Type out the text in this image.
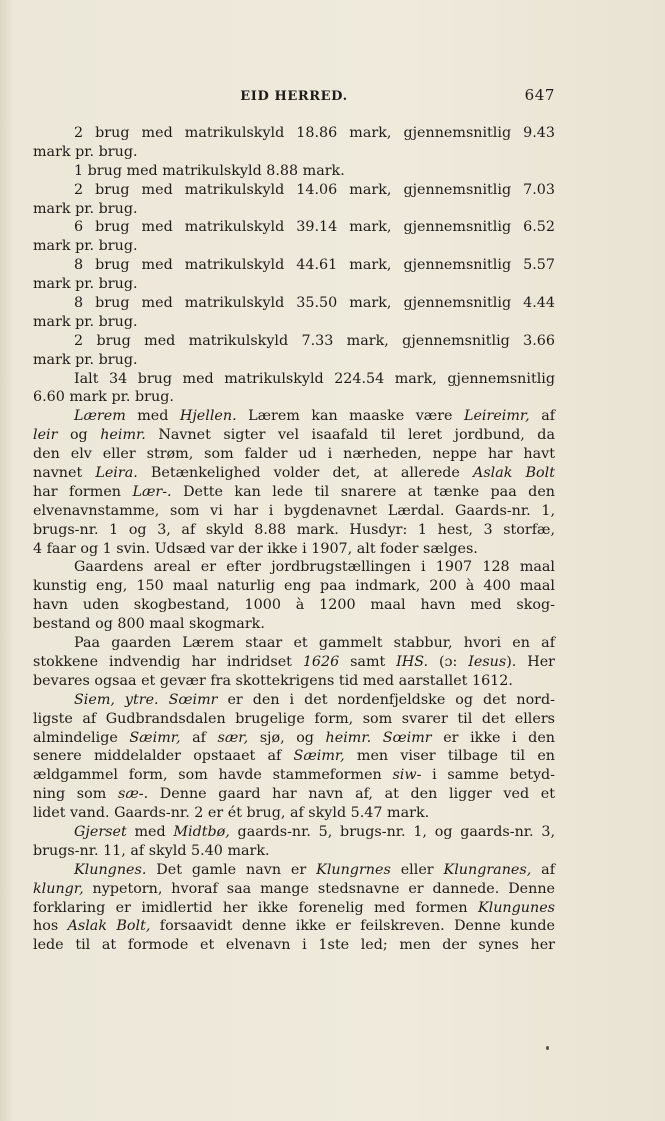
EID HERRED.	647
2 brug med matrikulskyld 18.86 mark, gjennemsnitlig 9.43
mark pr. brug.
1 brug med matrikulskyld 8.88 mark.
2 brug med matrikulskyld 14.06 mark, gjennemsnitlig 7.03
mark pr. brug.
6 brug med matrikulskyld 39.14 mark, gjennemsnitlig 6.52
mark pr. brug.
8 brug med matrikulskyld 44.61 mark, gjennemsnitlig 5.57
mark pr. brug.
8 brug med matrikulskyld 35.50 mark, gjennemsnitlig 4.44
mark pr. brug.
2 brug med matrikulskyld 7.33 mark, gjennemsnitlig 3.66
mark pr. brug.
Ialt 34 brug med matrikulskyld 224.54 mark, gjennemsnitlig
6.60 mark pr. brug.
Lærem med Hjellen. Lærem kan maaske være Leireimr, af
leir og heimr. Navnet sigter vel isaafald til leret jordbund, da
den elv eller strøm, som falder ud i nærheden, neppe har havt
navnet Leira. Betænkelighed volder det, at allerede Aslak Bolt
har formen Lær-. Dette kan lede til snarere at tænke paa den
elvenavnstamme, som vi har i bygdenavnet Lærdal. Gaards-nr. 1,
brugs-nr. 1 og 3, af skyld 8.88 mark. Husdyr: 1 hest, 3 storfæ,
4 faar og 1 svin. Udsæd var der ikke i 1907, alt foder sælges.
Gaardens areal er efter jordbrugstællingen i 1907 128 maal
kunstig eng, 150 maal naturlig eng paa indmark, 200 à 400 maal
havn uden skogbestand, 1000 à 1200 maal havn med skog-
bestand og 800 maal skogmark.
Paa gaarden Lærem staar et gammelt stabbur, hvori en af
stokkene indvendig har indridset 1626 samt IHS. (ɔ: Iesus). Her
bevares ogsaa et gevær fra skottekrigens tid med aarstallet 1612.
Siem, ytre. Sœimr er den i det nordenfjeldske og det nord-
ligste af Gudbrandsdalen brugelige form, som svarer til det ellers
almindelige Sæimr, af sær, sjø, og heimr. Sœimr er ikke i den
senere middelalder opstaaet af Sæimr, men viser tilbage til en
ældgammel form, som havde stammeformen siw- i samme betyd-
ning som sæ-. Denne gaard har navn af, at den ligger ved et
lidet vand. Gaards-nr. 2 er ét brug, af skyld 5.47 mark.
Gjerset med Midtbø, gaards-nr. 5, brugs-nr. 1, og gaards-nr. 3,
brugs-nr. 11, af skyld 5.40 mark.
Klungnes. Det gamle navn er Klungrnes eller Klungranes, af
klungr, nypetorn, hvoraf saa mange stedsnavne er dannede. Denne
forklaring er imidlertid her ikke forenelig med formen Klungunes
hos Aslak Bolt, forsaavidt denne ikke er feilskreven. Denne kunde
lede til at formode et elvenavn i 1ste led; men der synes her
